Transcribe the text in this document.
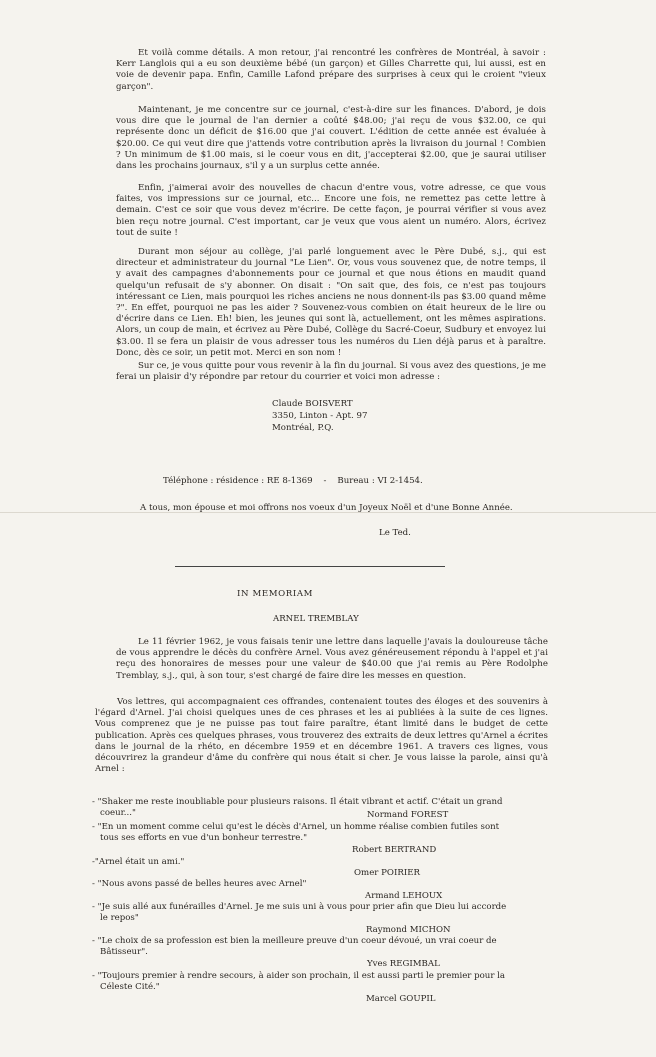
Et voilà comme détails. A mon retour, j'ai rencontré les confrères de Montréal, à savoir : Kerr Langlois qui a eu son deuxième bébé (un garçon) et Gilles Charrette qui, lui aussi, est en voie de devenir papa. Enfin, Camille Lafond prépare des surprises à ceux qui le croient "vieux garçon".

Maintenant, je me concentre sur ce journal, c'est-à-dire sur les finances. D'abord, je dois vous dire que le journal de l'an dernier a coûté $48.00; j'ai reçu de vous $32.00, ce qui représente donc un déficit de $16.00 que j'ai couvert. L'édition de cette année est évaluée à $20.00. Ce qui veut dire que j'attends votre contribution après la livraison du journal ! Combien ? Un minimum de $1.00 mais, si le coeur vous en dit, j'accepterai $2.00, que je saurai utiliser dans les prochains journaux, s'il y a un surplus cette année.

Enfin, j'aimerai avoir des nouvelles de chacun d'entre vous, votre adresse, ce que vous faites, vos impressions sur ce journal, etc... Encore une fois, ne remettez pas cette lettre à demain. C'est ce soir que vous devez m'écrire. De cette façon, je pourrai vérifier si vous avez bien reçu notre journal. C'est important, car je veux que vous aient un numéro. Alors, écrivez tout de suite !

Durant mon séjour au collège, j'ai parlé longuement avec le Père Dubé, s.j., qui est directeur et administrateur du journal "Le Lien". Or, vous vous souvenez que, de notre temps, il y avait des campagnes d'abonnements pour ce journal et que nous étions en maudit quand quelqu'un refusait de s'y abonner. On disait : "On sait que, des fois, ce n'est pas toujours intéressant ce Lien, mais pourquoi les riches anciens ne nous donnent-ils pas $3.00 quand même ?". En effet, pourquoi ne pas les aider ? Souvenez-vous combien on était heureux de le lire ou d'écrire dans ce Lien. Eh! bien, les jeunes qui sont là, actuellement, ont les mêmes aspirations. Alors, un coup de main, et écrivez au Père Dubé, Collège du Sacré-Coeur, Sudbury et envoyez lui $3.00. Il se fera un plaisir de vous adresser tous les numéros du Lien déjà parus et à paraître. Donc, dès ce soir, un petit mot. Merci en son nom !

Sur ce, je vous quitte pour vous revenir à la fin du journal. Si vous avez des questions, je me ferai un plaisir d'y répondre par retour du courrier et voici mon adresse :

Claude BOISVERT
3350, Linton - Apt. 97
Montréal, P.Q.
Téléphone : résidence : RE 8-1369    -    Bureau : VI 2-1454.
A tous, mon épouse et moi offrons nos voeux d'un Joyeux Noël et d'une Bonne Année.
Le Ted.
IN MEMORIAM
ARNEL TREMBLAY

Le 11 février 1962, je vous faisais tenir une lettre dans laquelle j'avais la douloureuse tâche de vous apprendre le décès du confrère Arnel. Vous avez généreusement répondu à l'appel et j'ai reçu des honoraires de messes pour une valeur de $40.00 que j'ai remis au Père Rodolphe Tremblay, s.j., qui, à son tour, s'est chargé de faire dire les messes en question.

Vos lettres, qui accompagnaient ces offrandes, contenaient toutes des éloges et des souvenirs à l'égard d'Arnel. J'ai choisi quelques unes de ces phrases et les ai publiées à la suite de ces lignes. Vous comprenez que je ne puisse pas tout faire paraître, étant limité dans le budget de cette publication. Après ces quelques phrases, vous trouverez des extraits de deux lettres qu'Arnel a écrites dans le journal de la rhéto, en décembre 1959 et en décembre 1961. A travers ces lignes, vous découvrirez la grandeur d'âme du confrère qui nous était si cher. Je vous laisse la parole, ainsi qu'à Arnel :

- "Shaker me reste inoubliable pour plusieurs raisons. Il était vibrant et actif. C'était un grand coeur..."	Normand FOREST
- "En un moment comme celui qu'est le décès d'Arnel, un homme réalise combien futiles sont tous ses efforts en vue d'un bonheur terrestre."
Robert BERTRAND
-"Arnel était un ami."
Omer POIRIER
- "Nous avons passé de belles heures avec Arnel"
Armand LEHOUX
- "Je suis allé aux funérailles d'Arnel. Je me suis uni à vous pour prier afin que Dieu lui accorde le repos"
Raymond MICHON
- "Le choix de sa profession est bien la meilleure preuve d'un coeur dévoué, un vrai coeur de Bâtisseur".
Yves REGIMBAL
- "Toujours premier à rendre secours, à aider son prochain, il est aussi parti le premier pour la Céleste Cité."
Marcel GOUPIL
